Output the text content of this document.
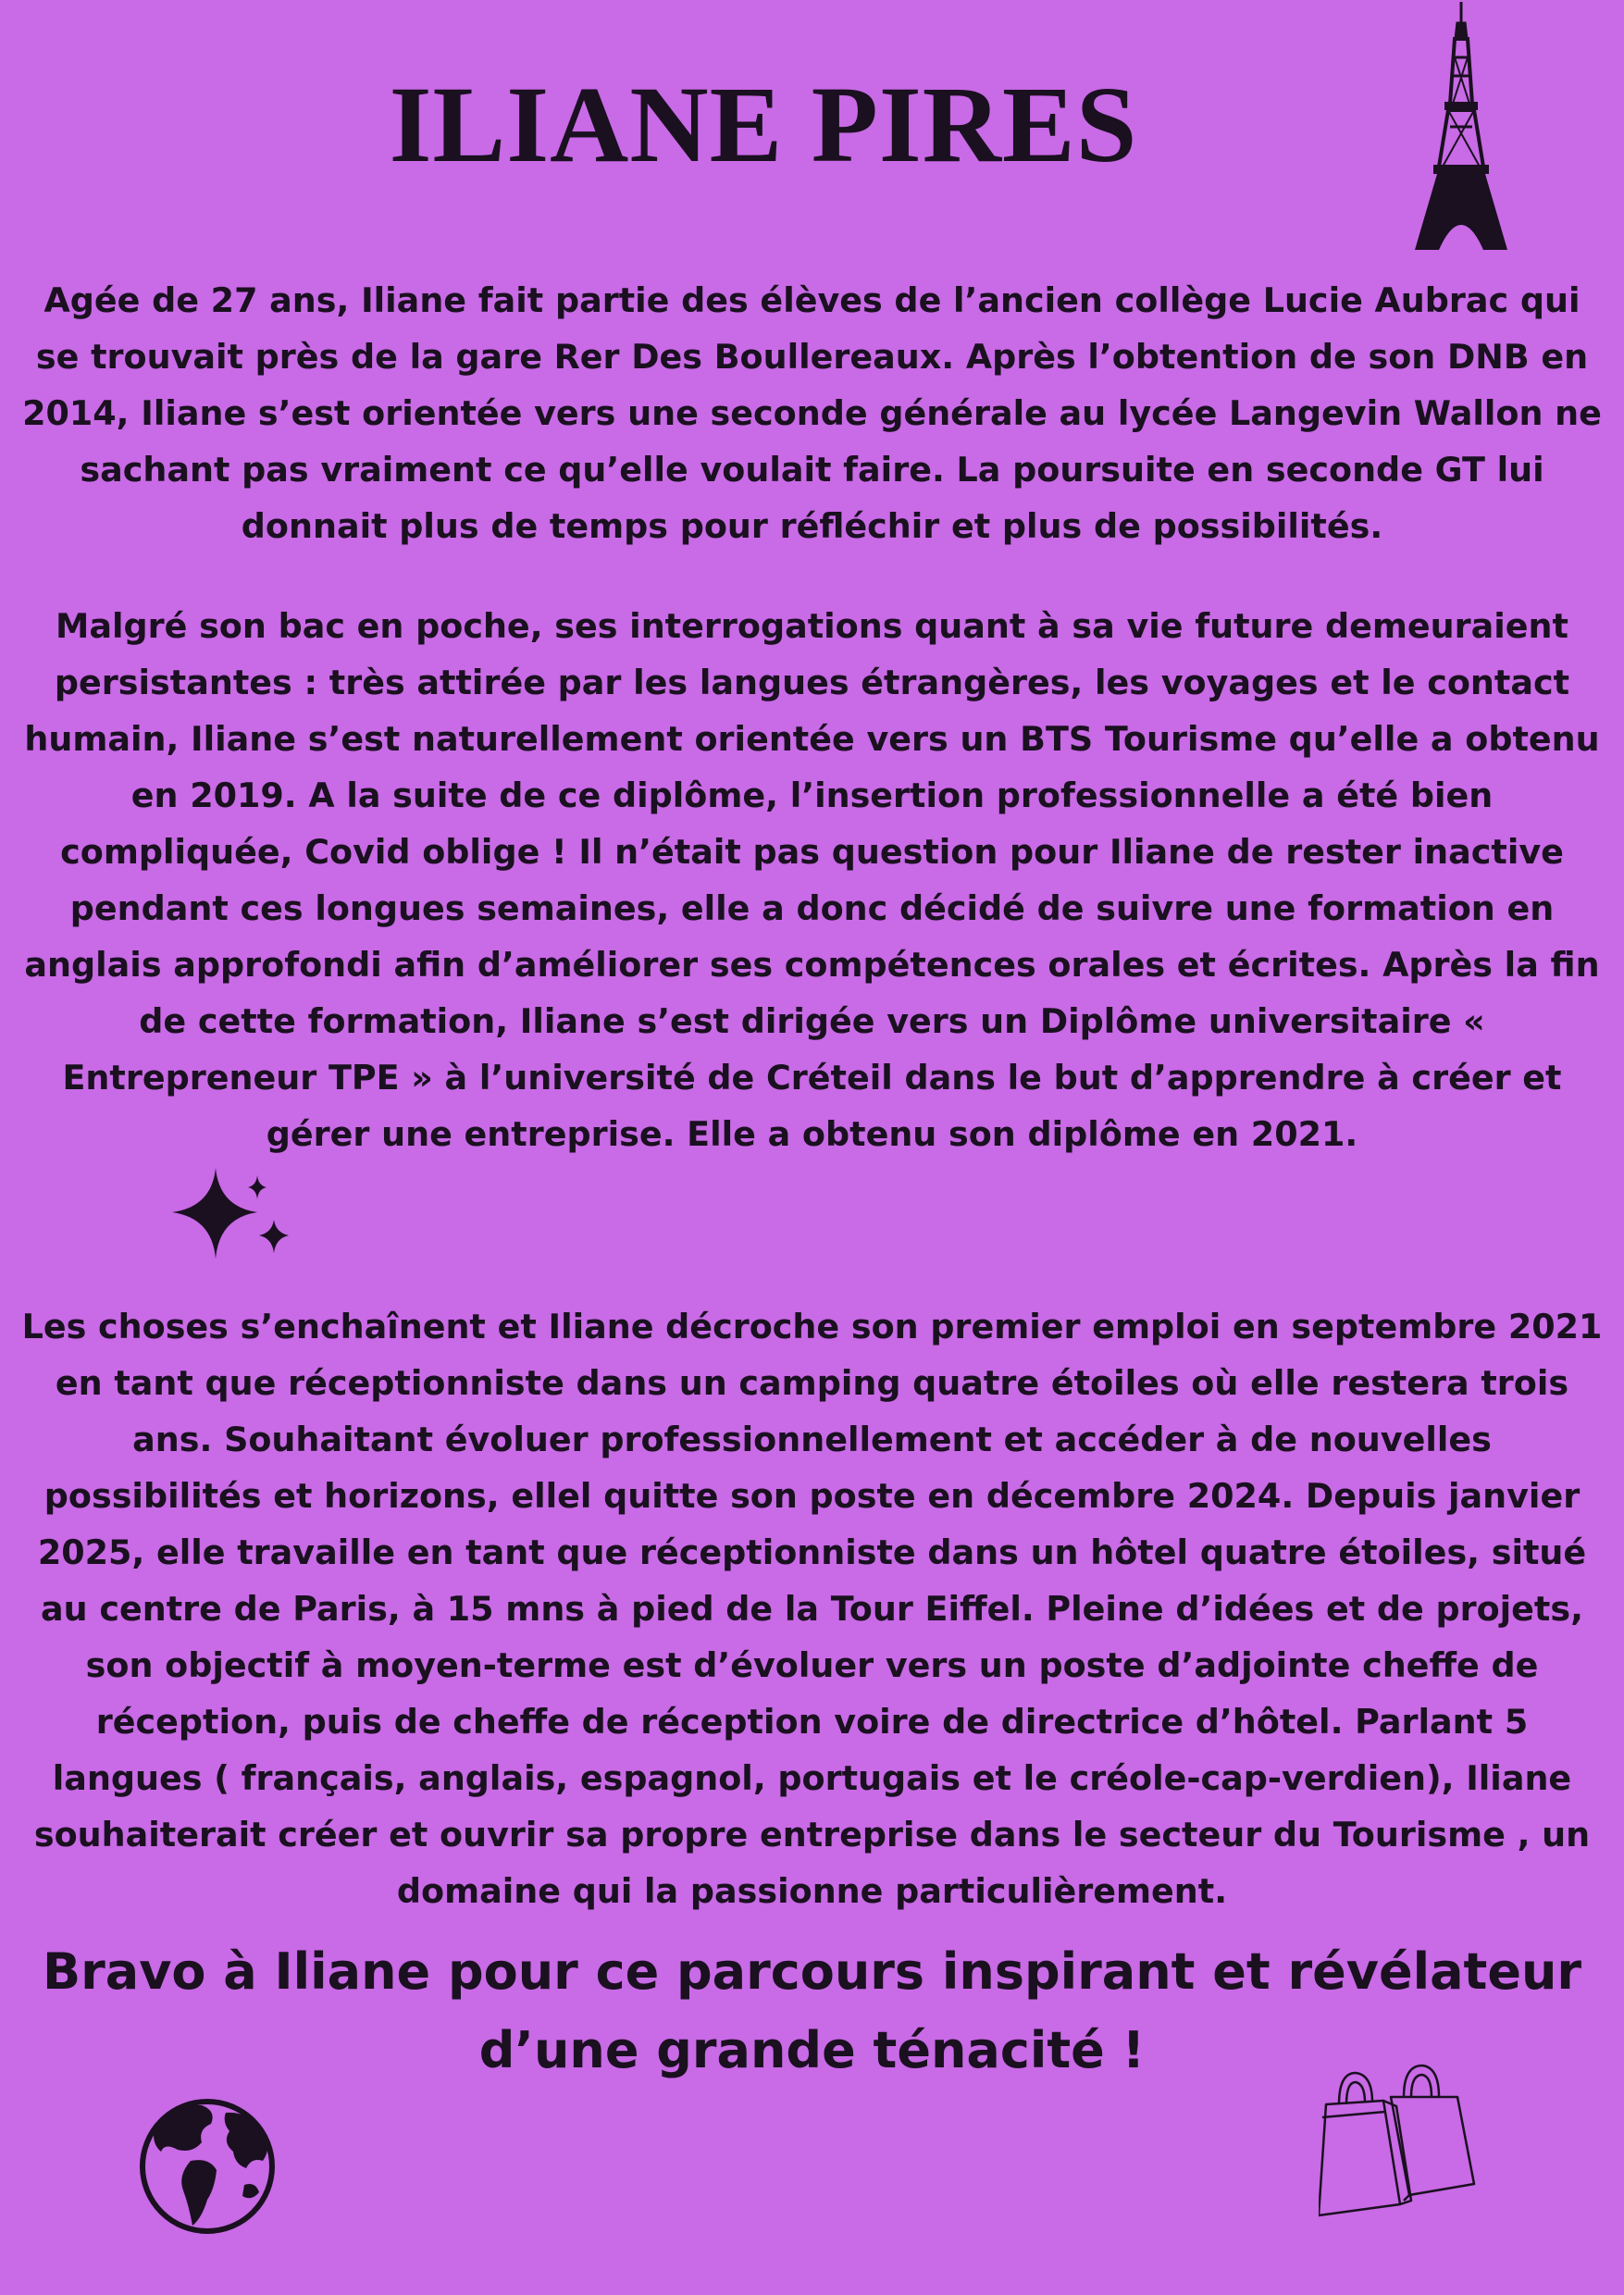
ILIANE PIRES

Agée de 27 ans, Iliane fait partie des élèves de l’ancien collège Lucie Aubrac qui se trouvait près de la gare Rer Des Boullereaux. Après l’obtention de son DNB en 2014, Iliane s’est orientée vers une seconde générale au lycée Langevin Wallon ne sachant pas vraiment ce qu’elle voulait faire. La poursuite en seconde GT lui donnait plus de temps pour réfléchir et plus de possibilités.

Malgré son bac en poche, ses interrogations quant à sa vie future demeuraient persistantes : très attirée par les langues étrangères, les voyages et le contact humain, Iliane s’est naturellement orientée vers un BTS Tourisme qu’elle a obtenu en 2019. A la suite de ce diplôme, l’insertion professionnelle a été bien compliquée, Covid oblige ! Il n’était pas question pour Iliane de rester inactive pendant ces longues semaines, elle a donc décidé de suivre une formation en anglais approfondi afin d’améliorer ses compétences orales et écrites. Après la fin de cette formation, Iliane s’est dirigée vers un Diplôme universitaire « Entrepreneur TPE » à l’université de Créteil dans le but d’apprendre à créer et gérer une entreprise. Elle a obtenu son diplôme en 2021.

Les choses s’enchaînent et Iliane décroche son premier emploi en septembre 2021 en tant que réceptionniste dans un camping quatre étoiles où elle restera trois ans. Souhaitant évoluer professionnellement et accéder à de nouvelles possibilités et horizons, ellel quitte son poste en décembre 2024. Depuis janvier 2025, elle travaille en tant que réceptionniste dans un hôtel quatre étoiles, situé au centre de Paris, à 15 mns à pied de la Tour Eiffel. Pleine d’idées et de projets, son objectif à moyen-terme est d’évoluer vers un poste d’adjointe cheffe de réception, puis de cheffe de réception voire de directrice d’hôtel. Parlant 5 langues ( français, anglais, espagnol, portugais et le créole-cap-verdien), Iliane souhaiterait créer et ouvrir sa propre entreprise dans le secteur du Tourisme , un domaine qui la passionne particulièrement.

Bravo à Iliane pour ce parcours inspirant et révélateur d’une grande ténacité !
